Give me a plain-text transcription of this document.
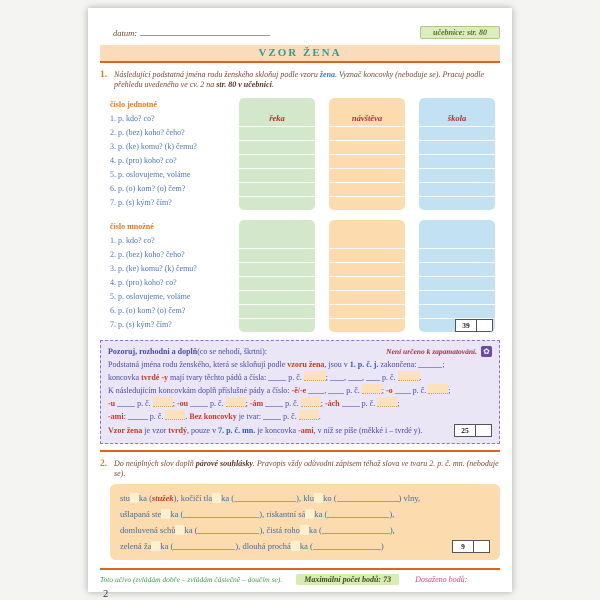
datum:	učebnice: str. 80
VZOR ŽENA
1. Následující podstatná jména rodu ženského skloňuj podle vzoru žena. Vyznač koncovky (neboduje se). Pracuj podle přehledu uvedeného ve cv. 2 na str. 80 v učebnici.
číslo jednotné
1. p. kdo? co?
2. p. (bez) koho? čeho?
3. p. (ke) komu? (k) čemu?
4. p. (pro) koho? co?
5. p. oslovujeme, voláme
6. p. (o) kom? (o) čem?
7. p. (s) kým? čím?
řeka	návštěva	škola
číslo množné
1. p. kdo? co?
2. p. (bez) koho? čeho?
3. p. (ke) komu? (k) čemu?
4. p. (pro) koho? co?
5. p. oslovujeme, voláme
6. p. (o) kom? (o) čem?
7. p. (s) kým? čím?	39
Pozoruj, rozhodni a doplň (co se nehodí, škrtni):	Není určeno k zapamatování. ✿
Podstatná jména rodu ženského, která se skloňují podle vzoru žena, jsou v 1. p. č. j. zakončena:	;
koncovka tvrdé -y mají tvary těchto pádů a čísla:  p. č.	; , ,  p. č.	.
K následujícím koncovkám doplň příslušné pády a číslo: -ě/-e ,  p. č.	; -o  p. č.	;
-u	p. č.	; -ou	p. č.	; -ám	p. č.	; -ách	p. č.	;
-ami:	p. č.	. Bez koncovky je tvar:  p. č.	.
Vzor žena je vzor tvrdý, pouze v 7. p. č. mn. je koncovka -ami, v níž se píše (měkké i – tvrdé y).	25
2. Do neúplných slov doplň párové souhlásky. Pravopis vždy odůvodni zápisem téhož slova ve tvaru 2. p. č. mn. (neboduje se).
stu ka (stužek), kočičí tla ka (	), klu ko (	) vlny,
ušlapaná ste ka (	), riskantní sá ka (	),
domluvená schů ka (	), čistá roho ka (	),
zelená ža ka (	), dlouhá prochá ka (	)	9
Toto učivo (zvládám dobře – zvládám částečně – doučím se).	Maximální počet bodů: 73	Dosaženo bodů:
2
